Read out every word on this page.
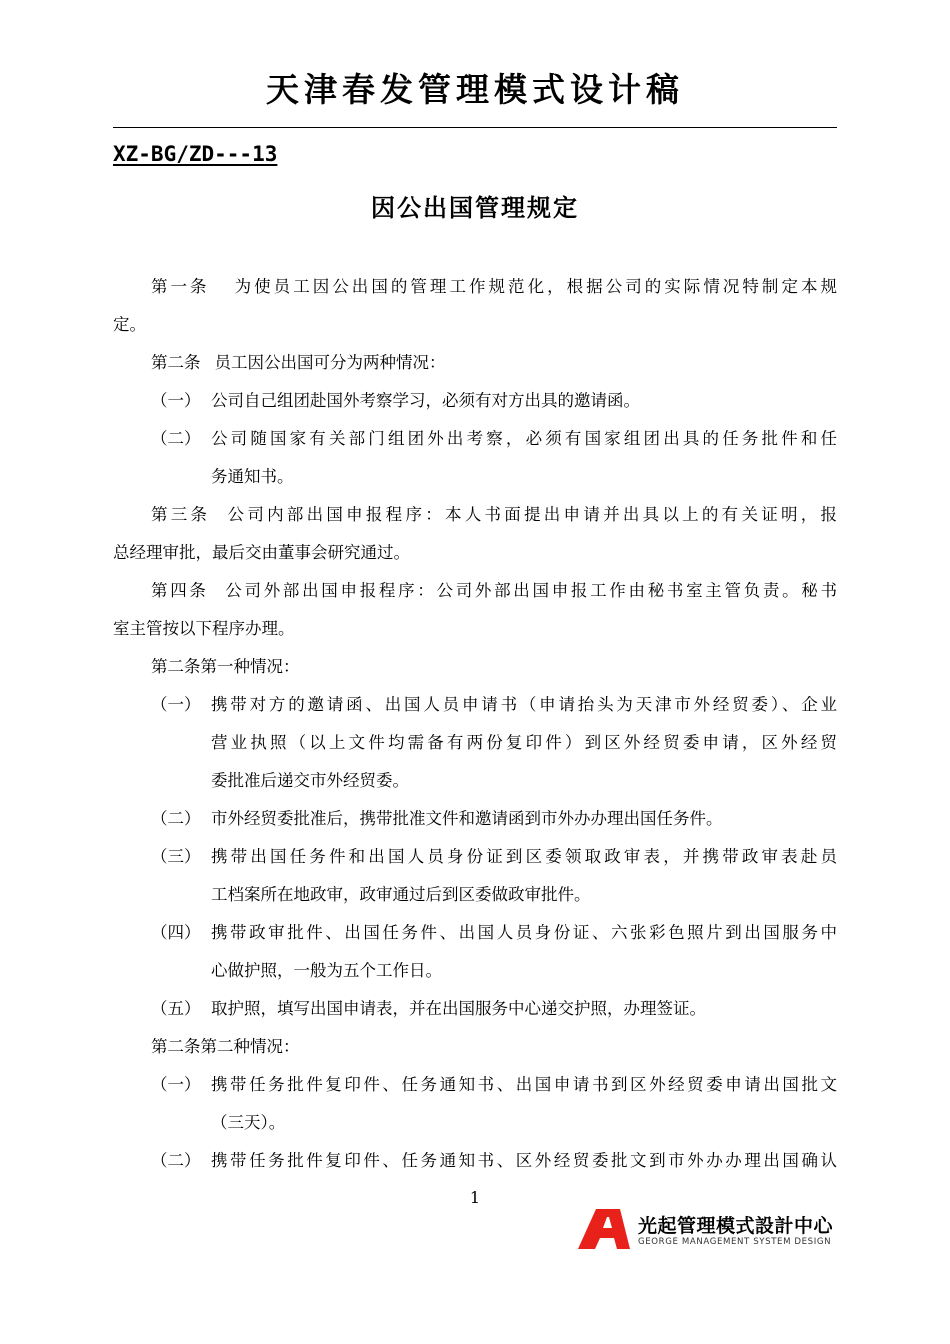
天津春发管理模式设计稿
XZ-BG/ZD---13
因公出国管理规定
第一条 为使员工因公出国的管理工作规范化，根据公司的实际情况特制定本规
定。
第二条 员工因公出国可分为两种情况：
（一） 公司自己组团赴国外考察学习，必须有对方出具的邀请函。
（二） 公司随国家有关部门组团外出考察，必须有国家组团出具的任务批件和任
务通知书。
第三条 公司内部出国申报程序：本人书面提出申请并出具以上的有关证明，报
总经理审批，最后交由董事会研究通过。
第四条 公司外部出国申报程序：公司外部出国申报工作由秘书室主管负责。秘书
室主管按以下程序办理。
第二条第一种情况：
（一） 携带对方的邀请函、出国人员申请书（申请抬头为天津市外经贸委）、企业
营业执照（以上文件均需备有两份复印件）到区外经贸委申请，区外经贸
委批准后递交市外经贸委。
（二） 市外经贸委批准后，携带批准文件和邀请函到市外办办理出国任务件。
（三） 携带出国任务件和出国人员身份证到区委领取政审表，并携带政审表赴员
工档案所在地政审，政审通过后到区委做政审批件。
（四） 携带政审批件、出国任务件、出国人员身份证、六张彩色照片到出国服务中
心做护照，一般为五个工作日。
（五） 取护照，填写出国申请表，并在出国服务中心递交护照，办理签证。
第二条第二种情况：
（一） 携带任务批件复印件、任务通知书、出国申请书到区外经贸委申请出国批文
（三天）。
（二） 携带任务批件复印件、任务通知书、区外经贸委批文到市外办办理出国确认
1
光起管理模式設計中心
GEORGE MANAGEMENT SYSTEM DESIGN
